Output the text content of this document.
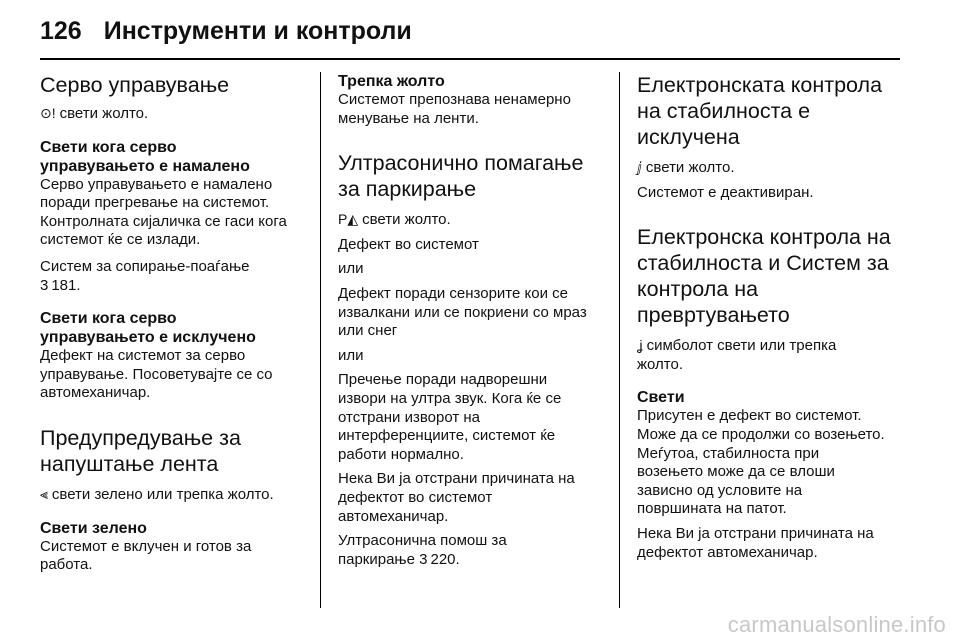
126 Инструменти и контроли
Серво управување

⊙! свети жолто.

Свети кога серво
управувањето е намалено

Серво управувањето е намалено
поради прегревање на системот.
Контролната сијаличка се гаси кога
системот ќе се излади.

Систем за сопирање-поаѓање
3 181.

Свети кога серво
управувањето е исклучено

Дефект на системот за серво
управување. Посоветувајте се со
автомеханичар.

Предупредување за
напуштање лента

⫷ свети зелено или трепка жолто.

Свети зелено

Системот е вклучен и готов за
работа.

Трепка жолто

Системот препознава ненамерно
менување на ленти.

Ултрасонично помагање
за паркирање

P◭ свети жолто.

Дефект во системот

или

Дефект поради сензорите кои се
извалкани или се покриени со мраз
или снег

или

Пречење поради надворешни
извори на ултра звук. Кога ќе се
отстрани изворот на
интерференциите, системот ќе
работи нормално.

Нека Ви ја отстрани причината на
дефектот во системот
автомеханичар.

Ултрасонична помош за
паркирање 3 220.

Електронската контрола
на стабилноста е
исклучена

ⅉ свети жолто.

Системот е деактивиран.

Електронска контрола на
стабилноста и Систем за
контрола на
превртувањето

ʝ симболот свети или трепка
жолто.

Свети

Присутен е дефект во системот.
Може да се продолжи со возењето.
Меѓутоа, стабилноста при
возењето може да се влоши
зависно од условите на
површината на патот.

Нека Ви ја отстрани причината на
дефектот автомеханичар.

carmanualsonline.info
